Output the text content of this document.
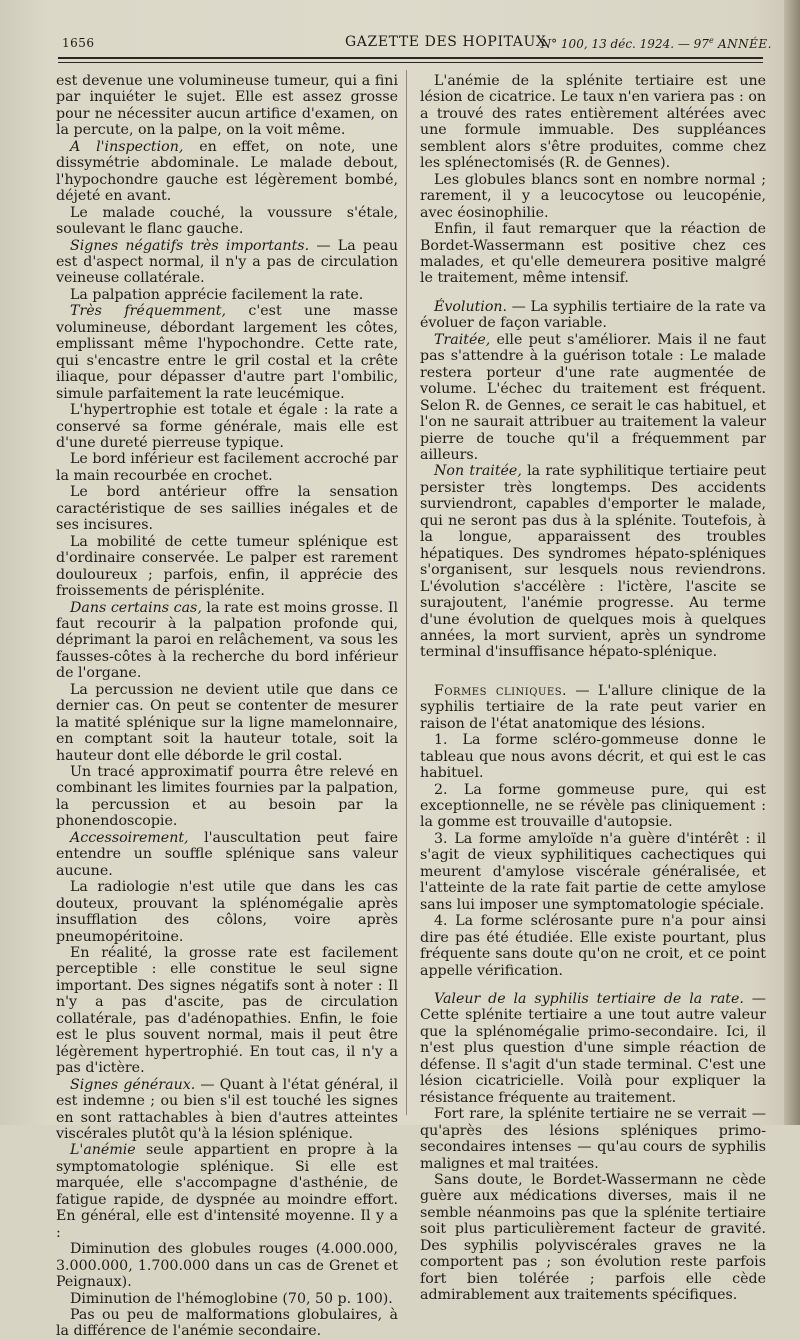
1656	GAZETTE DES HOPITAUX
N° 100, 13 déc. 1924. — 97e ANNÉE.

est devenue une volumineuse tumeur, qui a fini par inquiéter le sujet. Elle est assez grosse pour ne nécessiter aucun artifice d'examen, on la percute, on la palpe, on la voit même.

A l'inspection, en effet, on note, une dissymétrie abdominale. Le malade debout, l'hypochondre gauche est légèrement bombé, déjeté en avant.

Le malade couché, la voussure s'étale, soulevant le flanc gauche.

Signes négatifs très importants. — La peau est d'aspect normal, il n'y a pas de circulation veineuse collatérale.

La palpation apprécie facilement la rate.

Très fréquemment, c'est une masse volumineuse, débordant largement les côtes, emplissant même l'hypochondre. Cette rate, qui s'encastre entre le gril costal et la crête iliaque, pour dépasser d'autre part l'ombilic, simule parfaitement la rate leucémique.

L'hypertrophie est totale et égale : la rate a conservé sa forme générale, mais elle est d'une dureté pierreuse typique.

Le bord inférieur est facilement accroché par la main recourbée en crochet.

Le bord antérieur offre la sensation caractéristique de ses saillies inégales et de ses incisures.

La mobilité de cette tumeur splénique est d'ordinaire conservée. Le palper est rarement douloureux ; parfois, enfin, il apprécie des froissements de périsplénite.

Dans certains cas, la rate est moins grosse. Il faut recourir à la palpation profonde qui, déprimant la paroi en relâchement, va sous les fausses-côtes à la recherche du bord inférieur de l'organe.

La percussion ne devient utile que dans ce dernier cas. On peut se contenter de mesurer la matité splénique sur la ligne mamelonnaire, en comptant soit la hauteur totale, soit la hauteur dont elle déborde le gril costal.

Un tracé approximatif pourra être relevé en combinant les limites fournies par la palpation, la percussion et au besoin par la phonendoscopie.

Accessoirement, l'auscultation peut faire entendre un souffle splénique sans valeur aucune.

La radiologie n'est utile que dans les cas douteux, prouvant la splénomégalie après insufflation des côlons, voire après pneumopéritoine.

En réalité, la grosse rate est facilement perceptible : elle constitue le seul signe important. Des signes négatifs sont à noter : Il n'y a pas d'ascite, pas de circulation collatérale, pas d'adénopathies. Enfin, le foie est le plus souvent normal, mais il peut être légèrement hypertrophié. En tout cas, il n'y a pas d'ictère.

Signes généraux. — Quant à l'état général, il est indemne ; ou bien s'il est touché les signes en sont rattachables à bien d'autres atteintes viscérales plutôt qu'à la lésion splénique.

L'anémie seule appartient en propre à la symptomatologie splénique. Si elle est marquée, elle s'accompagne d'asthénie, de fatigue rapide, de dyspnée au moindre effort. En général, elle est d'intensité moyenne. Il y a :

Diminution des globules rouges (4.000.000, 3.000.000, 1.700.000 dans un cas de Grenet et Peignaux).

Diminution de l'hémoglobine (70, 50 p. 100).

Pas ou peu de malformations globulaires, à la différence de l'anémie secondaire.

L'anémie de la splénite tertiaire est une lésion de cicatrice. Le taux n'en variera pas : on a trouvé des rates entièrement altérées avec une formule immuable. Des suppléances semblent alors s'être produites, comme chez les splénectomisés (R. de Gennes).

Les globules blancs sont en nombre normal ; rarement, il y a leucocytose ou leucopénie, avec éosinophilie.

Enfin, il faut remarquer que la réaction de Bordet-Wassermann est positive chez ces malades, et qu'elle demeurera positive malgré le traitement, même intensif.

Évolution. — La syphilis tertiaire de la rate va évoluer de façon variable.

Traitée, elle peut s'améliorer. Mais il ne faut pas s'attendre à la guérison totale : Le malade restera porteur d'une rate augmentée de volume. L'échec du traitement est fréquent. Selon R. de Gennes, ce serait le cas habituel, et l'on ne saurait attribuer au traitement la valeur pierre de touche qu'il a fréquemment par ailleurs.

Non traitée, la rate syphilitique tertiaire peut persister très longtemps. Des accidents surviendront, capables d'emporter le malade, qui ne seront pas dus à la splénite. Toutefois, à la longue, apparaissent des troubles hépatiques. Des syndromes hépato-spléniques s'organisent, sur lesquels nous reviendrons. L'évolution s'accélère : l'ictère, l'ascite se surajoutent, l'anémie progresse. Au terme d'une évolution de quelques mois à quelques années, la mort survient, après un syndrome terminal d'insuffisance hépato-splénique.

Formes cliniques. — L'allure clinique de la syphilis tertiaire de la rate peut varier en raison de l'état anatomique des lésions.

1. La forme scléro-gommeuse donne le tableau que nous avons décrit, et qui est le cas habituel.

2. La forme gommeuse pure, qui est exceptionnelle, ne se révèle pas cliniquement : la gomme est trouvaille d'autopsie.

3. La forme amyloïde n'a guère d'intérêt : il s'agit de vieux syphilitiques cachectiques qui meurent d'amylose viscérale généralisée, et l'atteinte de la rate fait partie de cette amylose sans lui imposer une symptomatologie spéciale.

4. La forme sclérosante pure n'a pour ainsi dire pas été étudiée. Elle existe pourtant, plus fréquente sans doute qu'on ne croit, et ce point appelle vérification.

Valeur de la syphilis tertiaire de la rate. — Cette splénite tertiaire a une tout autre valeur que la splénomégalie primo-secondaire. Ici, il n'est plus question d'une simple réaction de défense. Il s'agit d'un stade terminal. C'est une lésion cicatricielle. Voilà pour expliquer la résistance fréquente au traitement.

Fort rare, la splénite tertiaire ne se verrait — qu'après des lésions spléniques primo-secondaires intenses — qu'au cours de syphilis malignes et mal traitées.

Sans doute, le Bordet-Wassermann ne cède guère aux médications diverses, mais il ne semble néanmoins pas que la splénite tertiaire soit plus particulièrement facteur de gravité. Des syphilis polyviscérales graves ne la comportent pas ; son évolution reste parfois fort bien tolérée ; parfois elle cède admirablement aux traitements spécifiques.
